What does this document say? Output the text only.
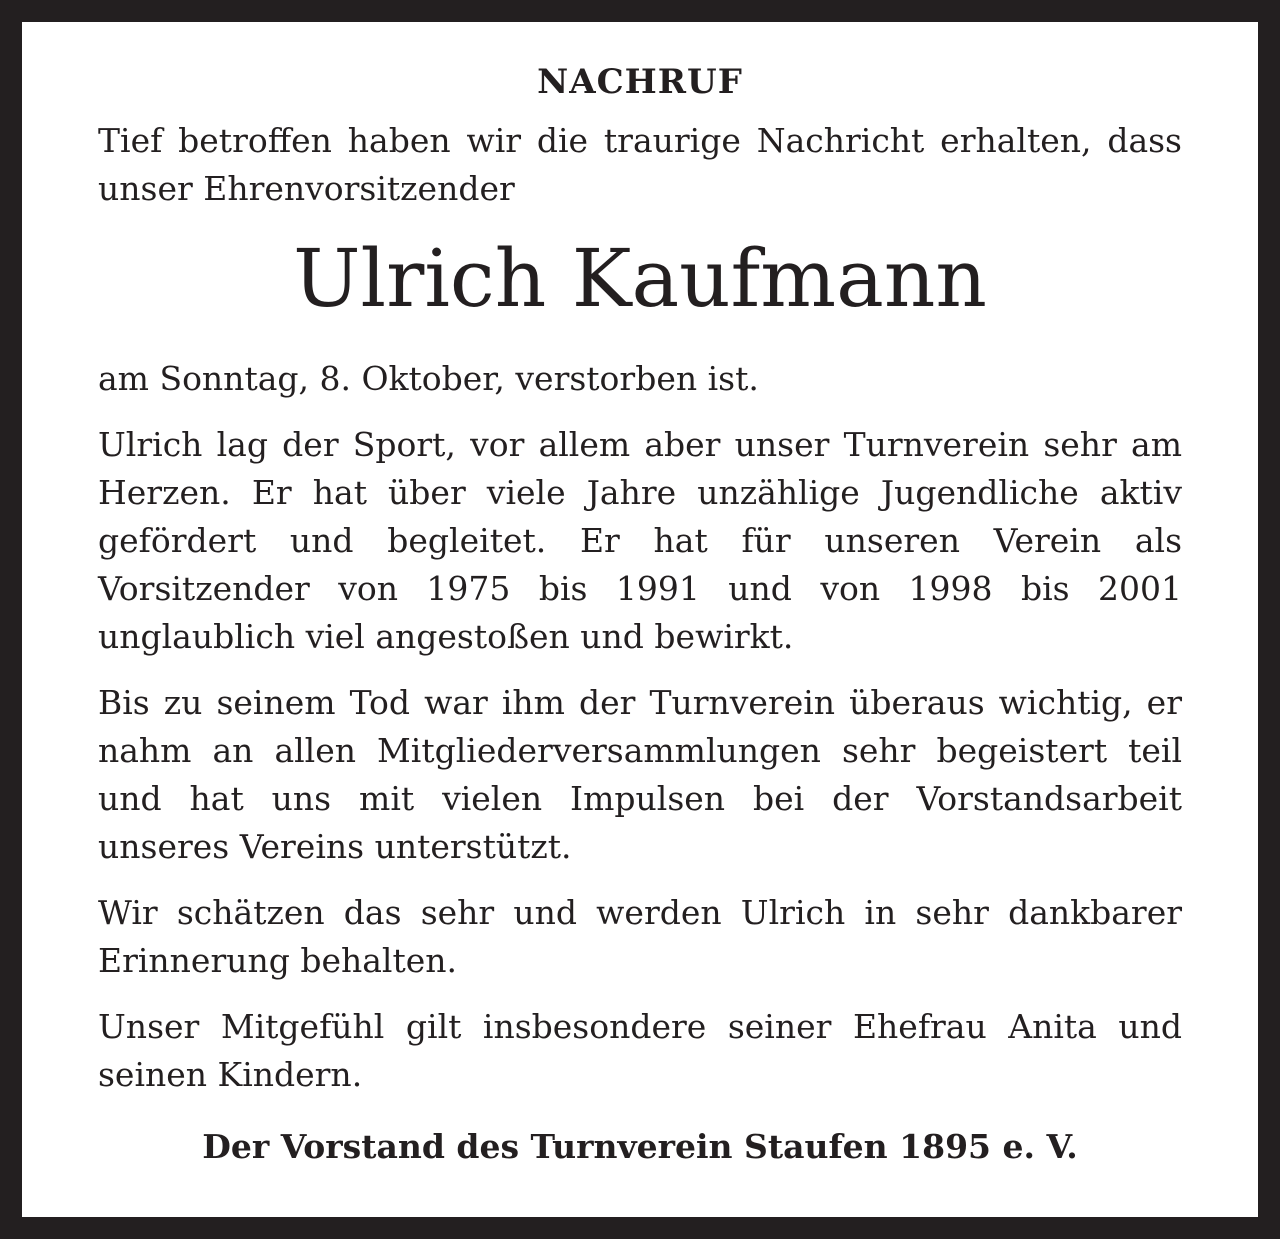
NACHRUF

Tief betroffen haben wir die traurige Nachricht erhalten, dass unser Ehrenvorsitzender

Ulrich Kaufmann

am Sonntag, 8. Oktober, verstorben ist.

Ulrich lag der Sport, vor allem aber unser Turnverein sehr am Herzen. Er hat über viele Jahre unzählige Jugendliche aktiv gefördert und begleitet. Er hat für unseren Verein als Vorsitzender von 1975 bis 1991 und von 1998 bis 2001 unglaublich viel angestoßen und bewirkt.

Bis zu seinem Tod war ihm der Turnverein überaus wichtig, er nahm an allen Mitgliederversammlungen sehr begeistert teil und hat uns mit vielen Impulsen bei der Vorstandsarbeit unseres Vereins unterstützt.

Wir schätzen das sehr und werden Ulrich in sehr dankbarer Erinnerung behalten.

Unser Mitgefühl gilt insbesondere seiner Ehefrau Anita und seinen Kindern.

Der Vorstand des Turnverein Staufen 1895 e. V.
